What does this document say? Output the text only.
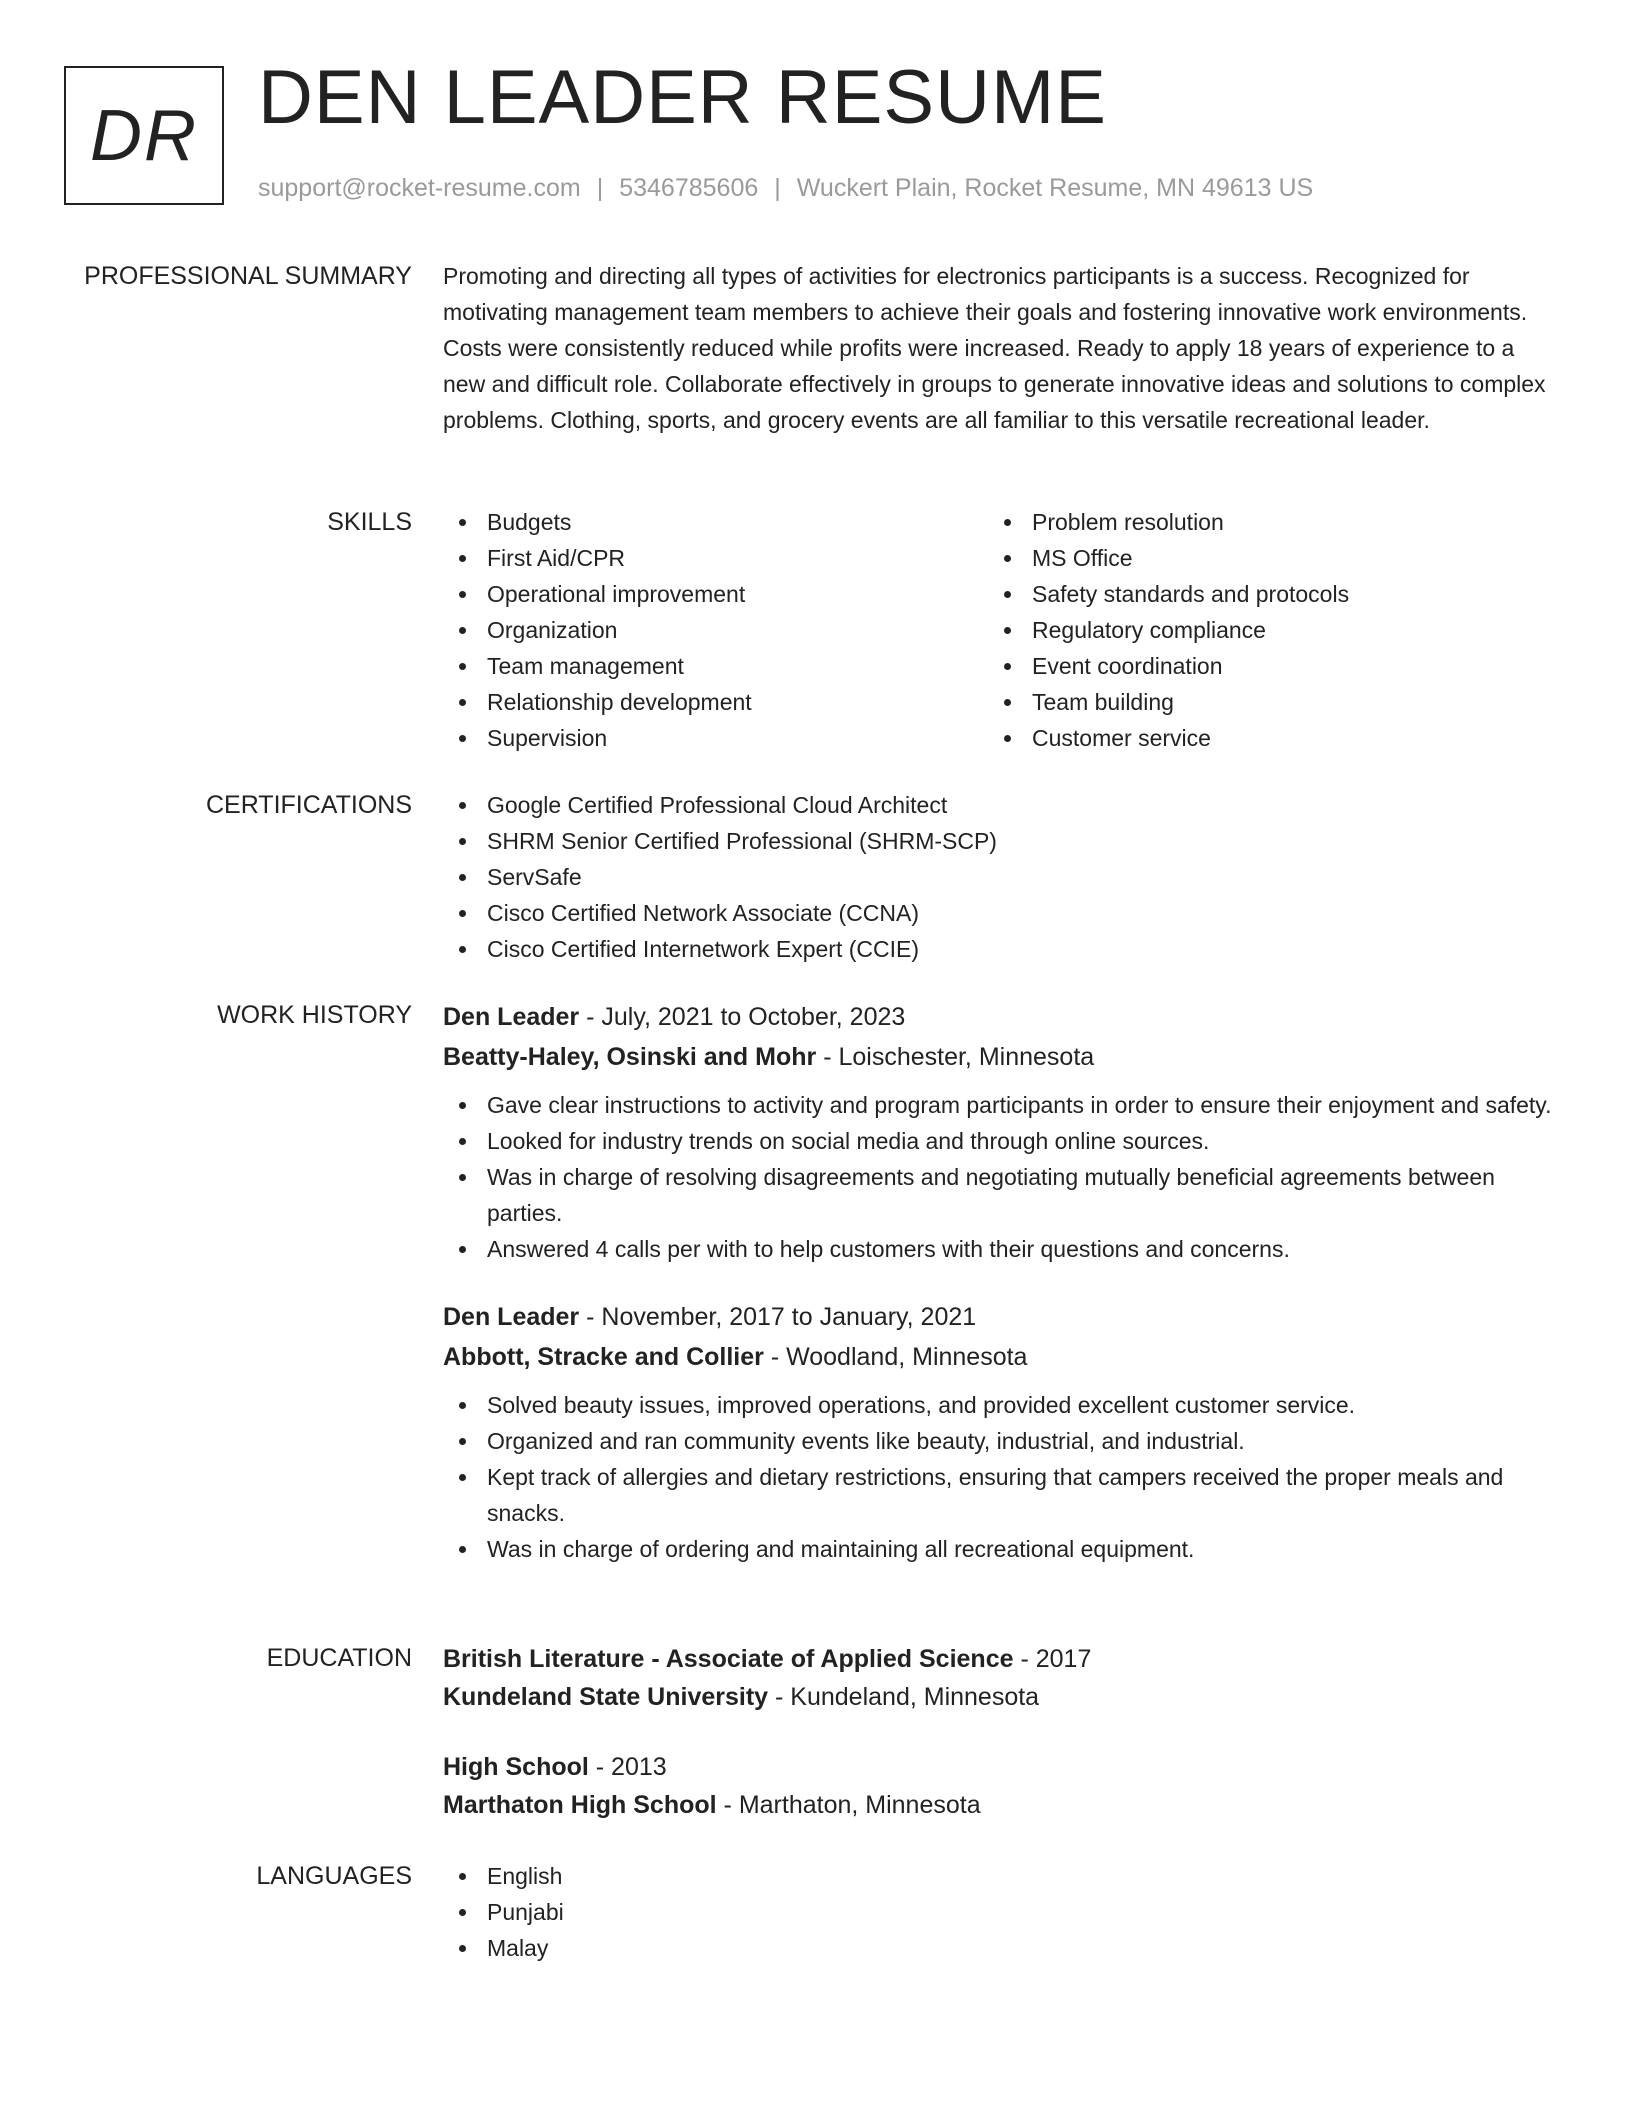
DR DEN LEADER RESUME
support@rocket-resume.com | 5346785606 | Wuckert Plain, Rocket Resume, MN 49613 US
PROFESSIONAL SUMMARY Promoting and directing all types of activities for electronics participants is a success. Recognized for motivating management team members to achieve their goals and fostering innovative work environments. Costs were consistently reduced while profits were increased. Ready to apply 18 years of experience to a new and difficult role. Collaborate effectively in groups to generate innovative ideas and solutions to complex problems. Clothing, sports, and grocery events are all familiar to this versatile recreational leader.

SKILLS	Budgets
First Aid/CPR
Operational improvement
Organization
Team management
Relationship development
Supervision
Problem resolution
MS Office
Safety standards and protocols
Regulatory compliance
Event coordination
Team building
Customer service
CERTIFICATIONS	Google Certified Professional Cloud Architect
SHRM Senior Certified Professional (SHRM-SCP)
ServSafe
Cisco Certified Network Associate (CCNA)
Cisco Certified Internetwork Expert (CCIE)
WORK HISTORY Den Leader - July, 2021 to October, 2023
Beatty-Haley, Osinski and Mohr - Loischester, Minnesota
Gave clear instructions to activity and program participants in order to ensure their enjoyment and safety.
Looked for industry trends on social media and through online sources.
Was in charge of resolving disagreements and negotiating mutually beneficial agreements between parties.
Answered 4 calls per with to help customers with their questions and concerns.
Den Leader - November, 2017 to January, 2021
Abbott, Stracke and Collier - Woodland, Minnesota
Solved beauty issues, improved operations, and provided excellent customer service.
Organized and ran community events like beauty, industrial, and industrial.
Kept track of allergies and dietary restrictions, ensuring that campers received the proper meals and snacks.
Was in charge of ordering and maintaining all recreational equipment.
EDUCATION British Literature - Associate of Applied Science - 2017
Kundeland State University - Kundeland, Minnesota
High School - 2013
Marthaton High School - Marthaton, Minnesota
LANGUAGES	English
Punjabi
Malay
